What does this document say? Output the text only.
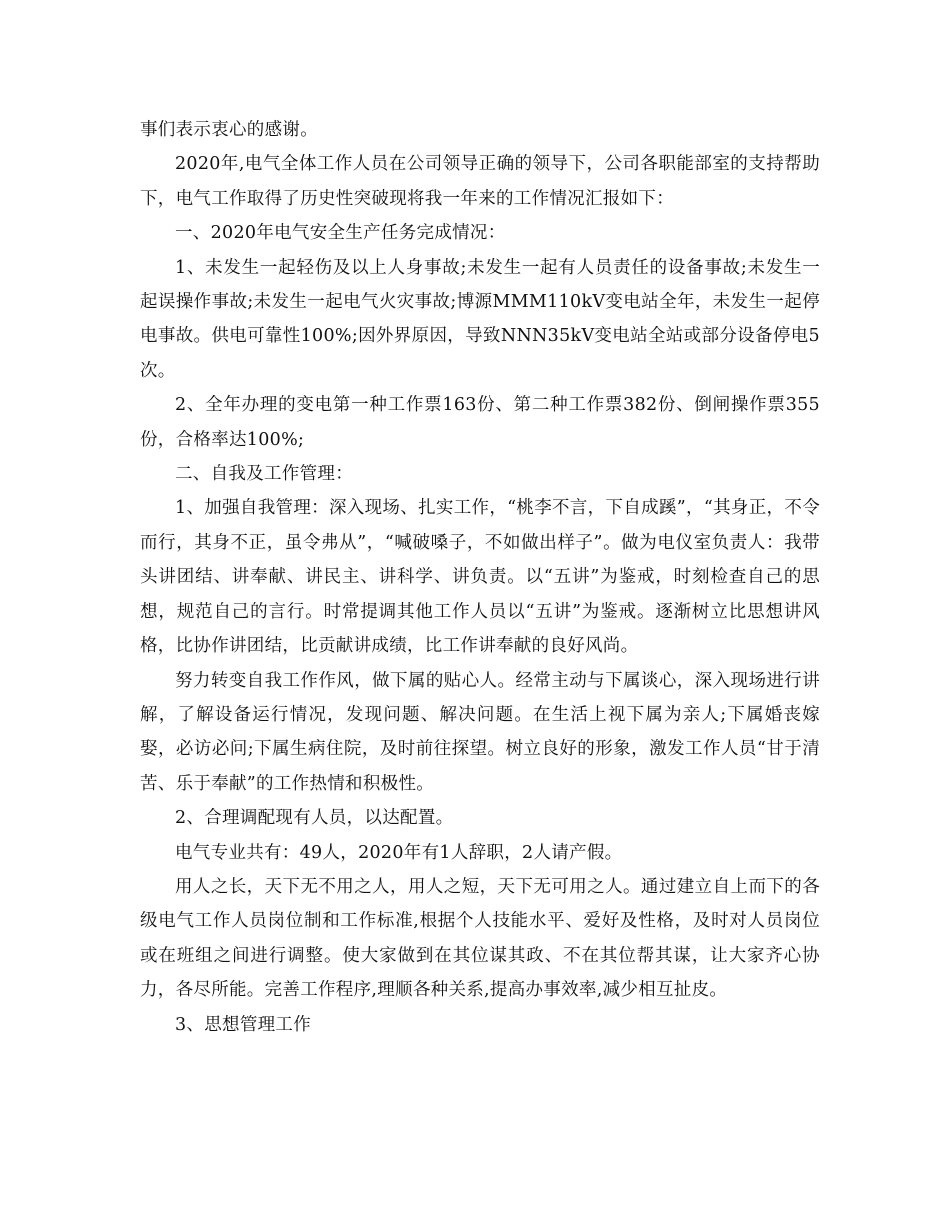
事们表示衷心的感谢。

2020年,电气全体工作人员在公司领导正确的领导下，公司各职能部室的支持帮助下，电气工作取得了历史性突破现将我一年来的工作情况汇报如下：

一、2020年电气安全生产任务完成情况：

1、未发生一起轻伤及以上人身事故;未发生一起有人员责任的设备事故;未发生一起误操作事故;未发生一起电气火灾事故;博源MMM110kV变电站全年，未发生一起停电事故。供电可靠性100%;因外界原因，导致NNN35kV变电站全站或部分设备停电5次。

2、全年办理的变电第一种工作票163份、第二种工作票382份、倒闸操作票355份，合格率达100%;

二、自我及工作管理：

1、加强自我管理：深入现场、扎实工作，“桃李不言，下自成蹊”，“其身正，不令而行，其身不正，虽令弗从”，“喊破嗓子，不如做出样子”。做为电仪室负责人：我带头讲团结、讲奉献、讲民主、讲科学、讲负责。以“五讲”为鉴戒，时刻检查自己的思想，规范自己的言行。时常提调其他工作人员以“五讲”为鉴戒。逐渐树立比思想讲风格，比协作讲团结，比贡献讲成绩，比工作讲奉献的良好风尚。

努力转变自我工作作风，做下属的贴心人。经常主动与下属谈心，深入现场进行讲解，了解设备运行情况，发现问题、解决问题。在生活上视下属为亲人;下属婚丧嫁娶，必访必问;下属生病住院，及时前往探望。树立良好的形象，激发工作人员“甘于清苦、乐于奉献”的工作热情和积极性。

2、合理调配现有人员，以达配置。

电气专业共有：49人，2020年有1人辞职，2人请产假。

用人之长，天下无不用之人，用人之短，天下无可用之人。通过建立自上而下的各级电气工作人员岗位制和工作标准,根据个人技能水平、爱好及性格，及时对人员岗位或在班组之间进行调整。使大家做到在其位谋其政、不在其位帮其谋，让大家齐心协力，各尽所能。完善工作程序,理顺各种关系,提高办事效率,减少相互扯皮。

3、思想管理工作
